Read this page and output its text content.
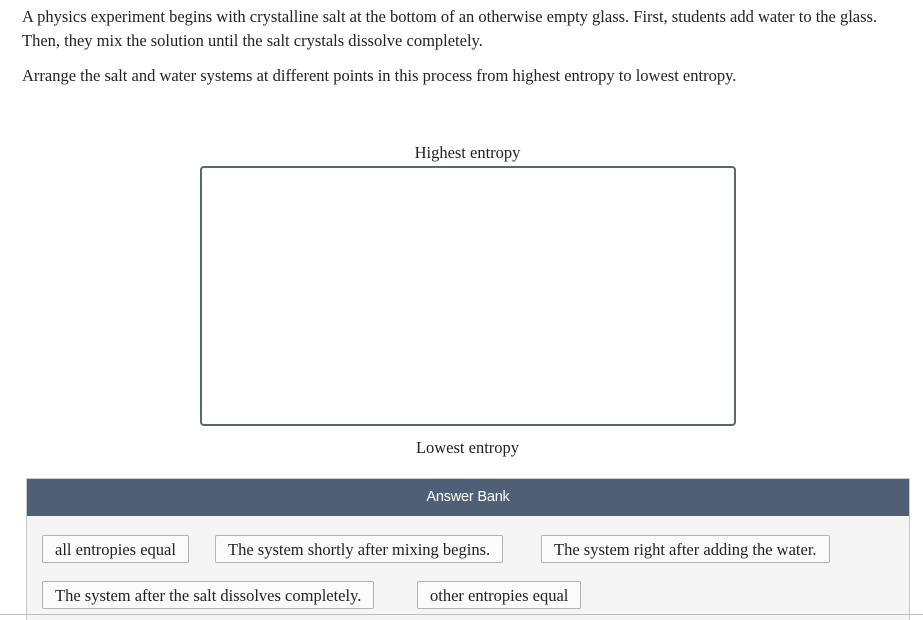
A physics experiment begins with crystalline salt at the bottom of an otherwise empty glass. First, students add water to the glass. Then, they mix the solution until the salt crystals dissolve completely.

Arrange the salt and water systems at different points in this process from highest entropy to lowest entropy.

Highest entropy
Lowest entropy
Answer Bank
all entropies equal	The system shortly after mixing begins.	The system right after adding the water.
The system after the salt dissolves completely.	other entropies equal
